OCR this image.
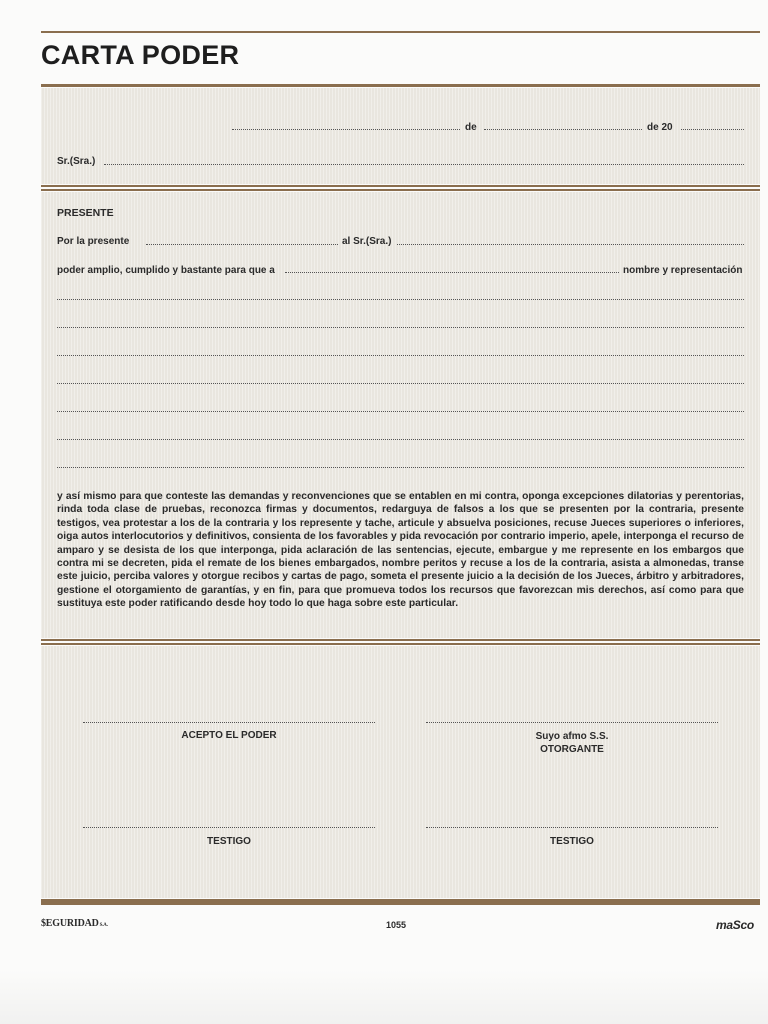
CARTA PODER
de	de 20
Sr.(Sra.)
PRESENTE
Por la presente	al Sr.(Sra.)
poder amplio, cumplido y bastante para que a	nombre y representación
y así mismo para que conteste las demandas y reconvenciones que se entablen en mi contra, oponga excepciones dilatorias y perentorias, rinda toda clase de pruebas, reconozca firmas y documentos, redarguya de falsos a los que se presenten por la contraria, presente testigos, vea protestar a los de la contraria y los represente y tache, articule y absuelva posiciones, recuse Jueces superiores o inferiores, oiga autos interlocutorios y definitivos, consienta de los favorables y pida revocación por contrario imperio, apele, interponga el recurso de amparo y se desista de los que interponga, pida aclaración de las sentencias, ejecute, embargue y me represente en los embargos que contra mi se decreten, pida el remate de los bienes embargados, nombre peritos y recuse a los de la contraria, asista a almonedas, transe este juicio, perciba valores y otorgue recibos y cartas de pago, someta el presente juicio a la decisión de los Jueces, árbitro y arbitradores, gestione el otorgamiento de garantías, y en fin, para que promueva todos los recursos que favorezcan mis derechos, así como para que sustituya este poder ratificando desde hoy todo lo que haga sobre este particular.
ACEPTO EL PODER	Suyo afmo S.S.
OTORGANTE
TESTIGO	TESTIGO
$EGURIDADS.A.	1055	maSco
